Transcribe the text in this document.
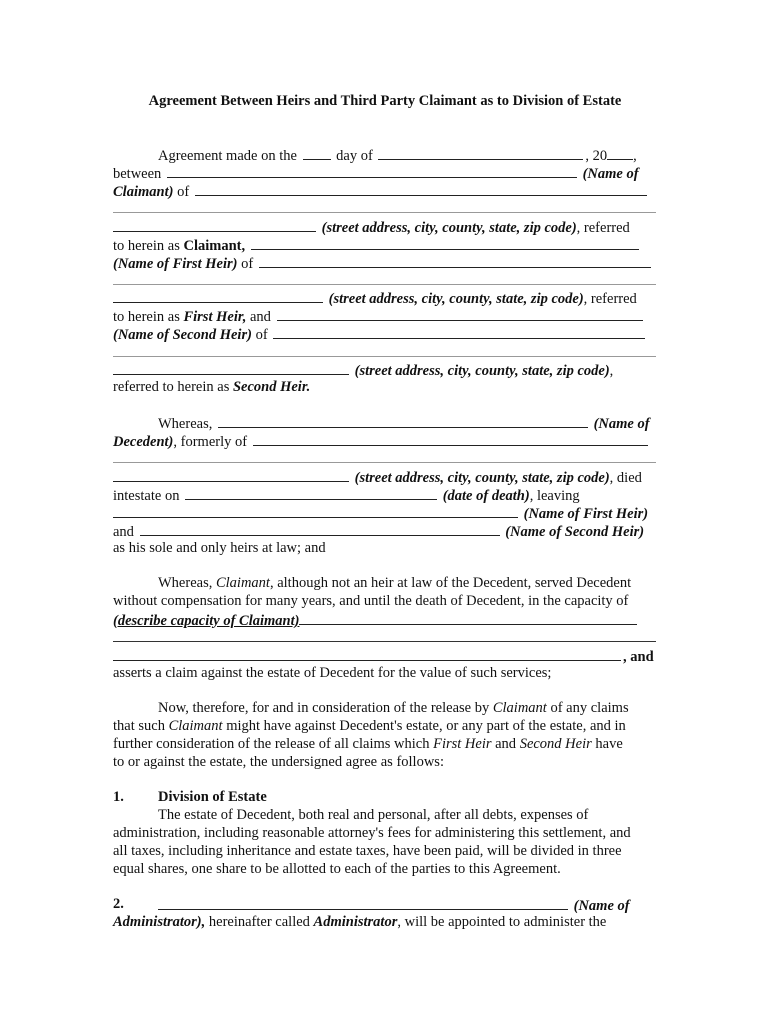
Agreement Between Heirs and Third Party Claimant as to Division of Estate
Agreement made on the	day of	, 20 ,
between	(Name of
Claimant) of
(street address, city, county, state, zip code), referred
to herein as Claimant,
(Name of First Heir) of
(street address, city, county, state, zip code), referred
to herein as First Heir, and
(Name of Second Heir) of
(street address, city, county, state, zip code),
referred to herein as Second Heir.
Whereas,	(Name of
Decedent), formerly of
(street address, city, county, state, zip code), died
intestate on	(date of death), leaving
(Name of First Heir)
and	(Name of Second Heir)
as his sole and only heirs at law; and
Whereas, Claimant, although not an heir at law of the Decedent, served Decedent
without compensation for many years, and until the death of Decedent, in the capacity of
(describe capacity of Claimant)
, and
asserts a claim against the estate of Decedent for the value of such services;
Now, therefore, for and in consideration of the release by Claimant of any claims
that such Claimant might have against Decedent's estate, or any part of the estate, and in
further consideration of the release of all claims which First Heir and Second Heir have
to or against the estate, the undersigned agree as follows:
1. Division of Estate
The estate of Decedent, both real and personal, after all debts, expenses of
administration, including reasonable attorney's fees for administering this settlement, and
all taxes, including inheritance and estate taxes, have been paid, will be divided in three
equal shares, one share to be allotted to each of the parties to this Agreement.
2.	(Name of
Administrator), hereinafter called Administrator, will be appointed to administer the
